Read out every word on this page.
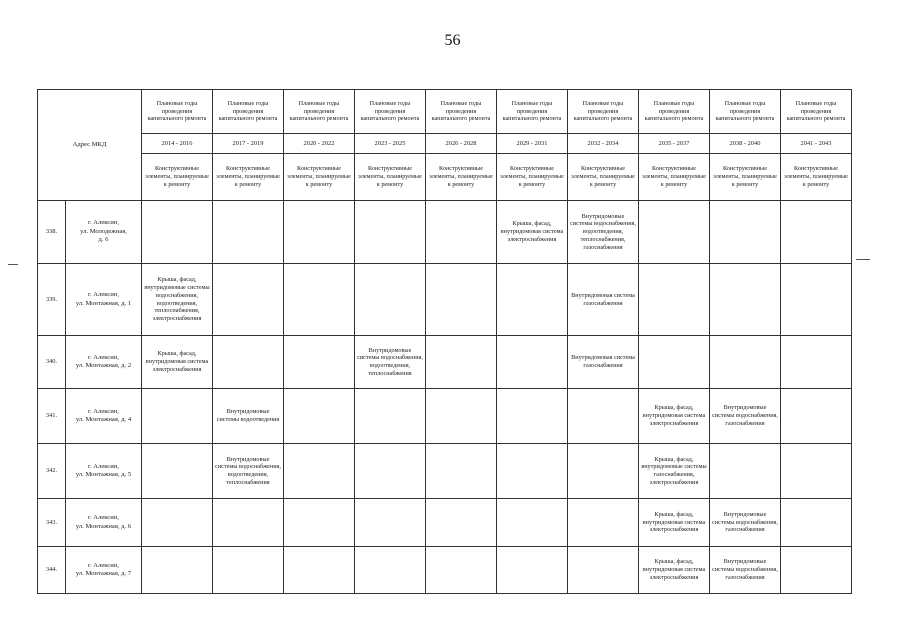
56
Адрес МКД		Плановые годы проведения капитального ремонта	Плановые годы проведения капитального ремонта	Плановые годы проведения капитального ремонта	Плановые годы проведения капитального ремонта	Плановые годы проведения капитального ремонта	Плановые годы проведения капитального ремонта	Плановые годы проведения капитального ремонта	Плановые годы проведения капитального ремонта	Плановые годы проведения капитального ремонта	Плановые годы проведения капитального ремонта
		2014 - 2016	2017 - 2019	2020 - 2022	2023 - 2025	2026 - 2028	2029 - 2031	2032 - 2034	2035 - 2037	2038 - 2040	2041 - 2043
		Конструктивные элементы, планируемые к ремонту	Конструктивные элементы, планируемые к ремонту	Конструктивные элементы, планируемые к ремонту	Конструктивные элементы, планируемые к ремонту	Конструктивные элементы, планируемые к ремонту	Конструктивные элементы, планируемые к ремонту	Конструктивные элементы, планируемые к ремонту	Конструктивные элементы, планируемые к ремонту	Конструктивные элементы, планируемые к ремонту	Конструктивные элементы, планируемые к ремонту
338.	г. Алексин,
ул. Молодежная,
д. 6						Крыша, фасад, внутридомовая система электроснабжения	Внутридомовые системы водоснабжения, водоотведения, теплоснабжения, газоснабжения			
339.	г. Алексин,
ул. Монтажная, д. 1	Крыша, фасад, внутридомовые системы водоснабжения, водоотведения, теплоснабжения, электроснабжения						Внутридомовая система газоснабжения			
340.	г. Алексин,
ул. Монтажная, д. 2	Крыша, фасад, внутридомовая система электроснабжения			Внутридомовые системы водоснабжения, водоотведения, теплоснабжения			Внутридомовая система газоснабжения			
341.	г. Алексин,
ул. Монтажная, д. 4		Внутридомовые системы водоотведения						Крыша, фасад, внутридомовая система электроснабжения	Внутридомовые системы водоснабжения, газоснабжения	
342.	г. Алексин,
ул. Монтажная, д. 5		Внутридомовые системы водоснабжения, водоотведения, теплоснабжения						Крыша, фасад, внутридомовые системы газоснабжения, электроснабжения		
343.	г. Алексин,
ул. Монтажная, д. 6								Крыша, фасад, внутридомовая система электроснабжения	Внутридомовые системы водоснабжения, газоснабжения	
344.	г. Алексин,
ул. Монтажная, д. 7								Крыша, фасад, внутридомовая система электроснабжения	Внутридомовые системы водоснабжения, газоснабжения	
